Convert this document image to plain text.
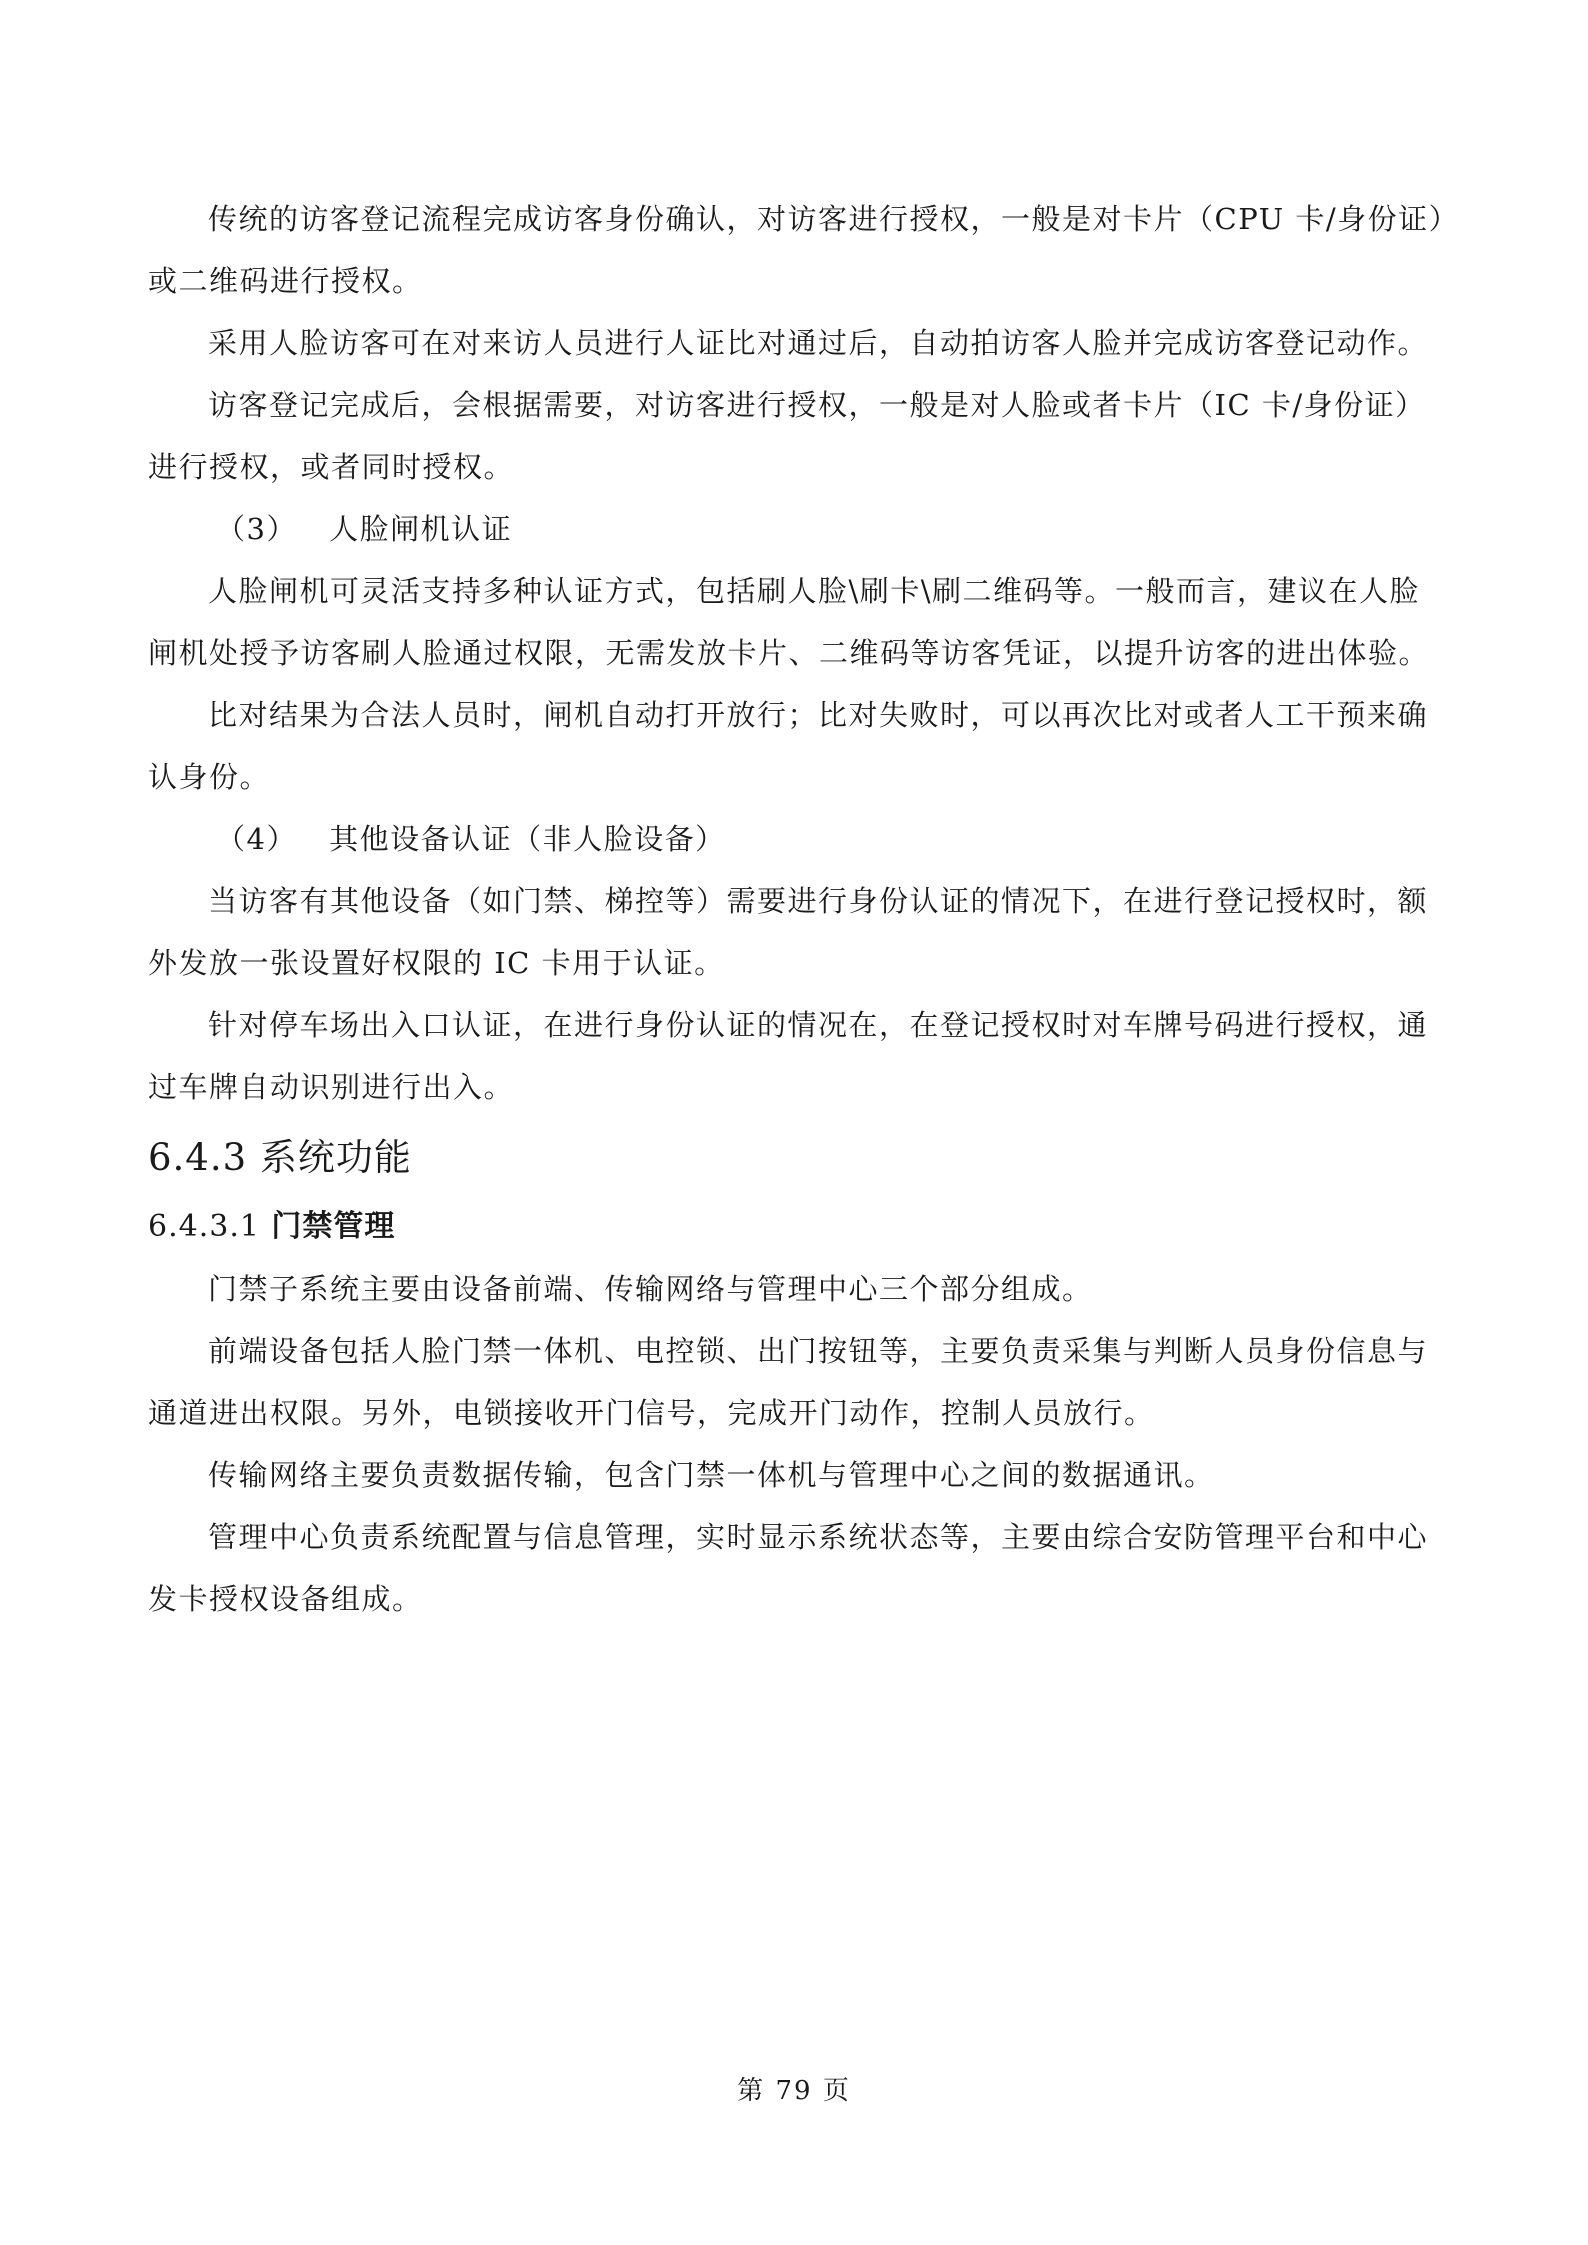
传统的访客登记流程完成访客身份确认，对访客进行授权，一般是对卡片（CPU 卡/身份证）或二维码进行授权。

采用人脸访客可在对来访人员进行人证比对通过后，自动拍访客人脸并完成访客登记动作。

访客登记完成后，会根据需要，对访客进行授权，一般是对人脸或者卡片（IC 卡/身份证）进行授权，或者同时授权。

（3） 人脸闸机认证

人脸闸机可灵活支持多种认证方式，包括刷人脸\刷卡\刷二维码等。一般而言，建议在人脸闸机处授予访客刷人脸通过权限，无需发放卡片、二维码等访客凭证，以提升访客的进出体验。

比对结果为合法人员时，闸机自动打开放行；比对失败时，可以再次比对或者人工干预来确认身份。

（4） 其他设备认证（非人脸设备）

当访客有其他设备（如门禁、梯控等）需要进行身份认证的情况下，在进行登记授权时，额外发放一张设置好权限的 IC 卡用于认证。

针对停车场出入口认证，在进行身份认证的情况在，在登记授权时对车牌号码进行授权，通过车牌自动识别进行出入。

6.4.3 系统功能
6.4.3.1 门禁管理

门禁子系统主要由设备前端、传输网络与管理中心三个部分组成。

前端设备包括人脸门禁一体机、电控锁、出门按钮等，主要负责采集与判断人员身份信息与通道进出权限。另外，电锁接收开门信号，完成开门动作，控制人员放行。

传输网络主要负责数据传输，包含门禁一体机与管理中心之间的数据通讯。

管理中心负责系统配置与信息管理，实时显示系统状态等，主要由综合安防管理平台和中心发卡授权设备组成。

第 79 页
